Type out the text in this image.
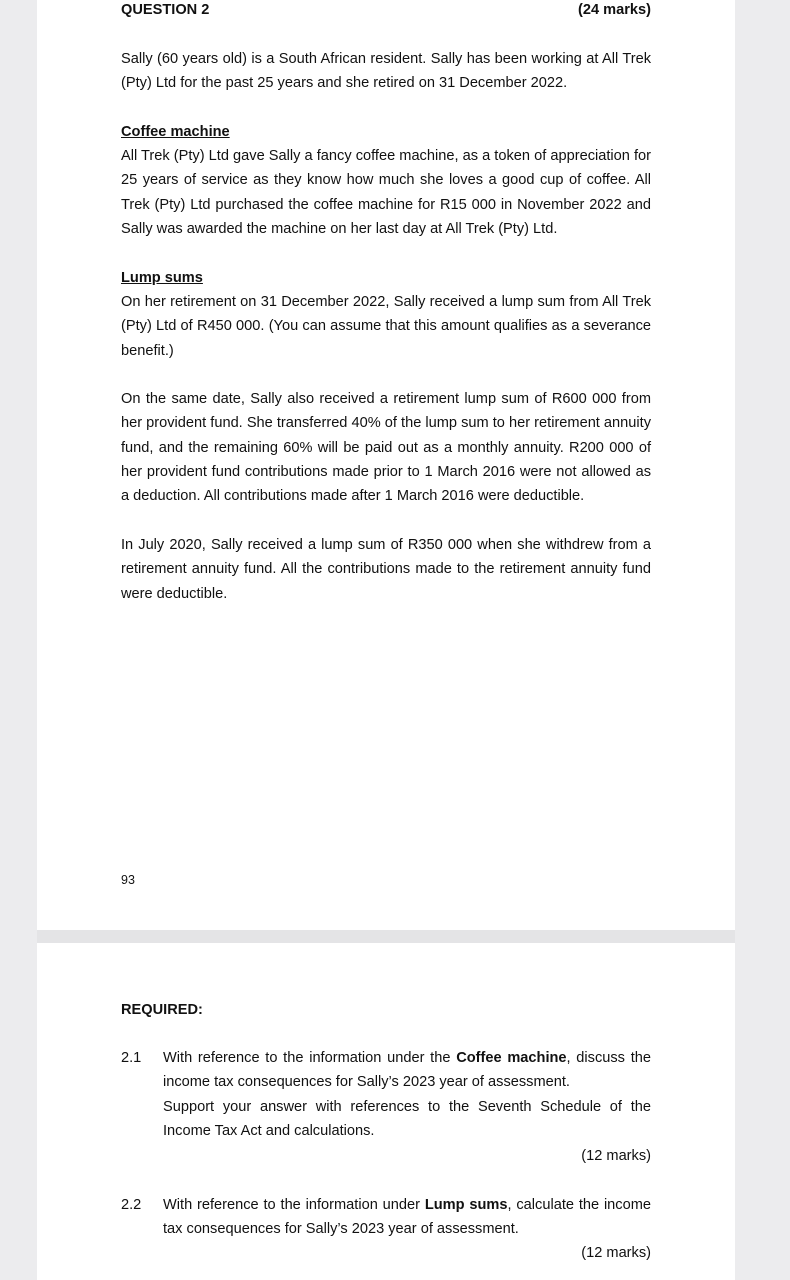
QUESTION 2	(24 marks)

Sally (60 years old) is a South African resident. Sally has been working at All Trek (Pty) Ltd for the past 25 years and she retired on 31 December 2022.

Coffee machine

All Trek (Pty) Ltd gave Sally a fancy coffee machine, as a token of appreciation for 25 years of service as they know how much she loves a good cup of coffee. All Trek (Pty) Ltd purchased the coffee machine for R15 000 in November 2022 and Sally was awarded the machine on her last day at All Trek (Pty) Ltd.

Lump sums

On her retirement on 31 December 2022, Sally received a lump sum from All Trek (Pty) Ltd of R450 000. (You can assume that this amount qualifies as a severance benefit.)

On the same date, Sally also received a retirement lump sum of R600 000 from her provident fund. She transferred 40% of the lump sum to her retirement annuity fund, and the remaining 60% will be paid out as a monthly annuity. R200 000 of her provident fund contributions made prior to 1 March 2016 were not allowed as a deduction. All contributions made after 1 March 2016 were deductible.

In July 2020, Sally received a lump sum of R350 000 when she withdrew from a retirement annuity fund. All the contributions made to the retirement annuity fund were deductible.

93

REQUIRED:

2.1 With reference to the information under the Coffee machine, discuss the income tax consequences for Sally’s 2023 year of assessment.

Support your answer with references to the Seventh Schedule of the Income Tax Act and calculations.

(12 marks)
2.2 With reference to the information under Lump sums, calculate the income tax consequences for Sally’s 2023 year of assessment.

(12 marks)
